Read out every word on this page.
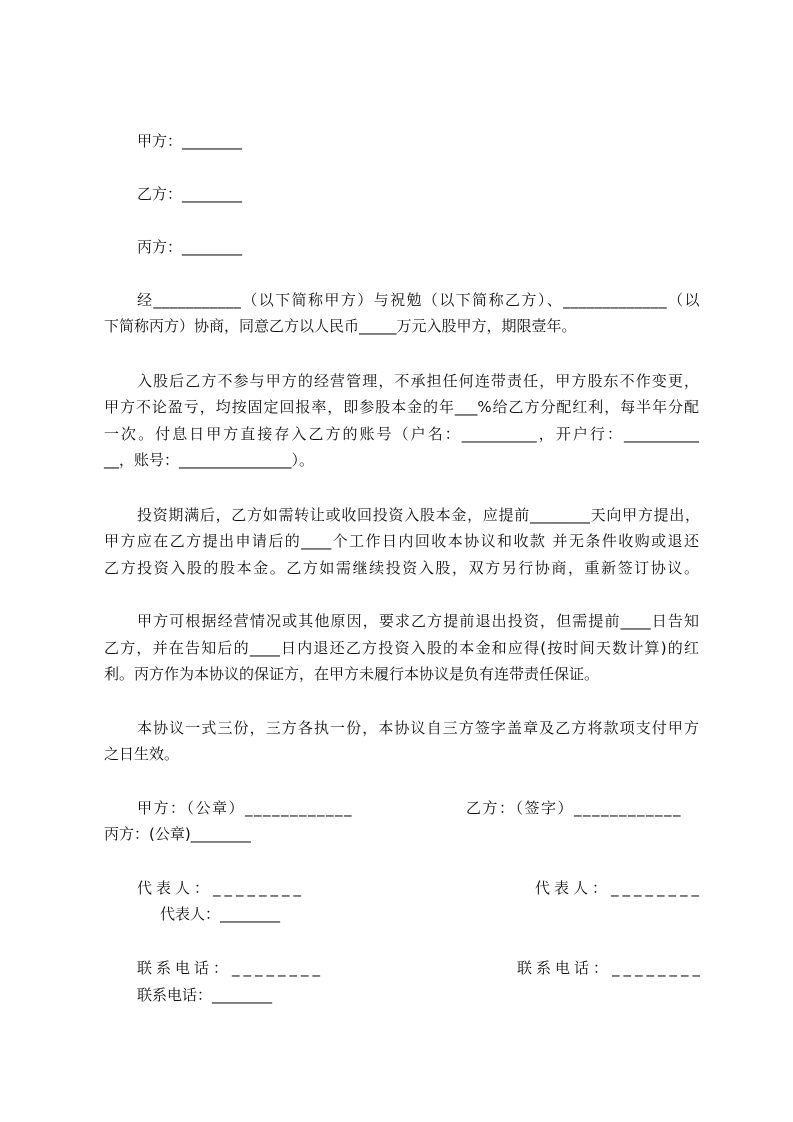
甲方：________
乙方：________
丙方：________
经___________（以下简称甲方）与祝勉（以下简称乙方）、_____________（以
下简称丙方）协商，同意乙方以人民币_____万元入股甲方，期限壹年。
入股后乙方不参与甲方的经营管理，不承担任何连带责任，甲方股东不作变更，
甲方不论盈亏，均按固定回报率，即参股本金的年___%给乙方分配红利，每半年分配
一次。付息日甲方直接存入乙方的账号（户名：__________，开户行：__________
__，账号：_______________）。
投资期满后，乙方如需转让或收回投资入股本金，应提前________天向甲方提出，
甲方应在乙方提出申请后的____个工作日内回收本协议和收款 并无条件收购或退还
乙方投资入股的股本金。乙方如需继续投资入股，双方另行协商，重新签订协议。
甲方可根据经营情况或其他原因，要求乙方提前退出投资，但需提前____日告知
乙方，并在告知后的____日内退还乙方投资入股的本金和应得(按时间天数计算)的红
利。丙方作为本协议的保证方，在甲方未履行本协议是负有连带责任保证。
本协议一式三份，三方各执一份，本协议自三方签字盖章及乙方将款项支付甲方
之日生效。
甲方：（公章）____________	乙方：（签字）____________
丙方：(公章)________
代表人：________	代表人：________
代表人：________
联系电话：________	联系电话：________
联系电话：________
